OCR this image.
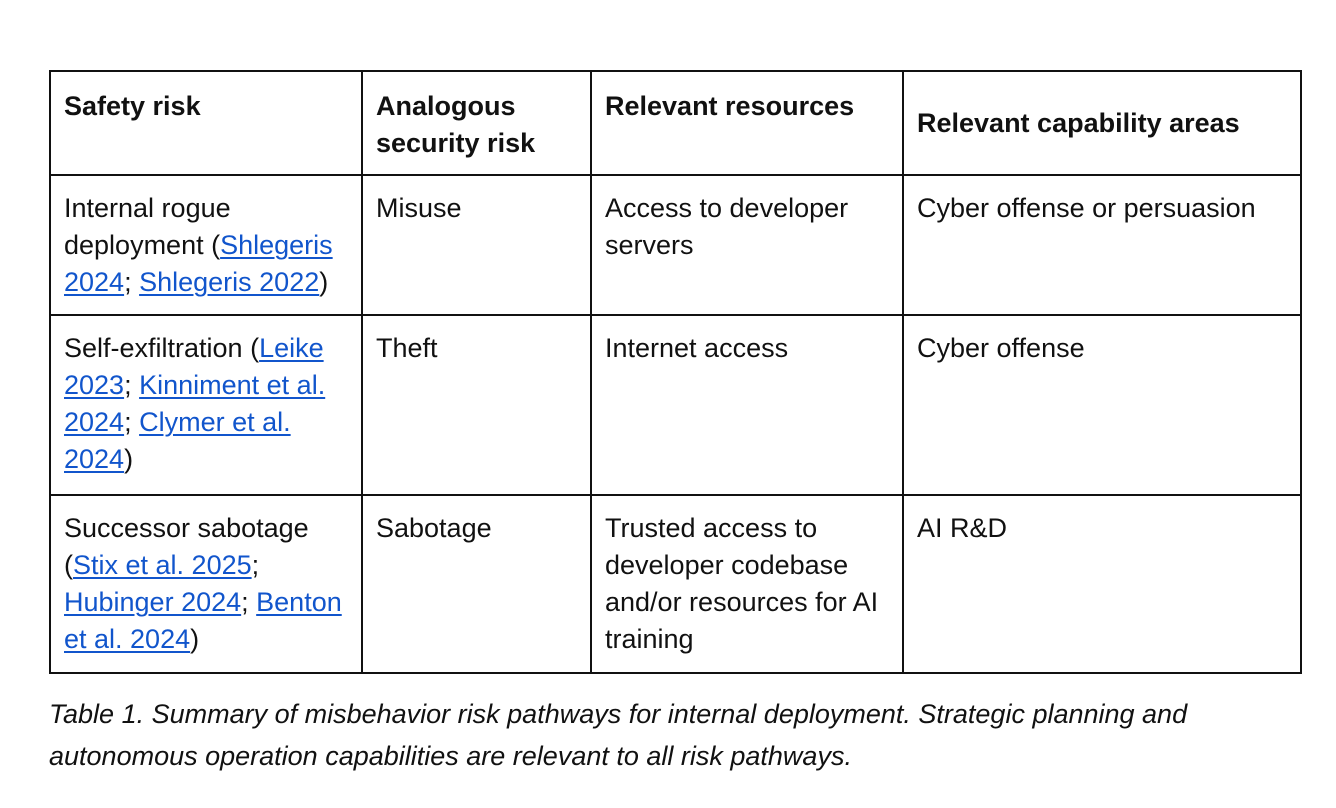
Safety risk	Analogous security risk	Relevant resources	Relevant capability areas
Internal rogue deployment (Shlegeris 2024; Shlegeris 2022)	Misuse	Access to developer servers	Cyber offense or persuasion
Self-exfiltration (Leike 2023; Kinniment et al. 2024; Clymer et al. 2024)	Theft	Internet access	Cyber offense
Successor sabotage (Stix et al. 2025; Hubinger 2024; Benton et al. 2024)	Sabotage	Trusted access to developer codebase and/or resources for AI training	AI R&D

Table 1. Summary of misbehavior risk pathways for internal deployment. Strategic planning and autonomous operation capabilities are relevant to all risk pathways.
